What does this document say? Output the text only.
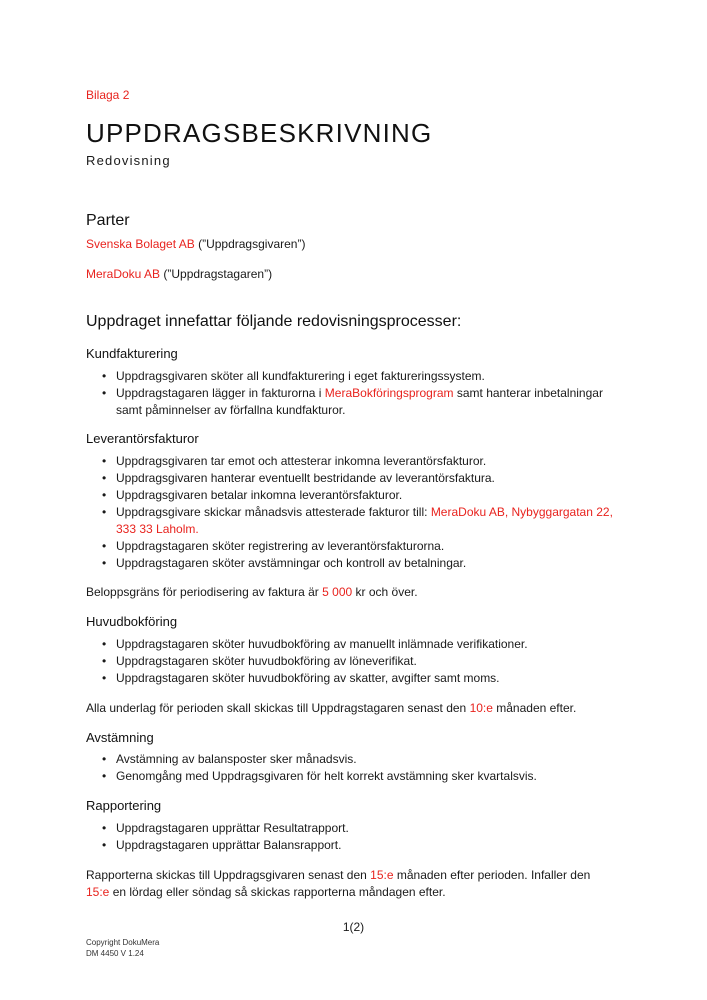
Bilaga 2
UPPDRAGSBESKRIVNING
Redovisning
Parter
Svenska Bolaget AB (”Uppdragsgivaren”)
MeraDoku AB (”Uppdragstagaren”)
Uppdraget innefattar följande redovisningsprocesser:
Kundfakturering
• Uppdragsgivaren sköter all kundfakturering i eget faktureringssystem.
• Uppdragstagaren lägger in fakturorna i MeraBokföringsprogram samt hanterar inbetalningar samt påminnelser av förfallna kundfakturor.
Leverantörsfakturor
• Uppdragsgivaren tar emot och attesterar inkomna leverantörsfakturor.
• Uppdragsgivaren hanterar eventuellt bestridande av leverantörsfaktura.
• Uppdragsgivaren betalar inkomna leverantörsfakturor.
• Uppdragsgivare skickar månadsvis attesterade fakturor till: MeraDoku AB, Nybyggargatan 22, 333 33 Laholm.
• Uppdragstagaren sköter registrering av leverantörsfakturorna.
• Uppdragstagaren sköter avstämningar och kontroll av betalningar.
Beloppsgräns för periodisering av faktura är 5 000 kr och över.
Huvudbokföring
• Uppdragstagaren sköter huvudbokföring av manuellt inlämnade verifikationer.
• Uppdragstagaren sköter huvudbokföring av löneverifikat.
• Uppdragstagaren sköter huvudbokföring av skatter, avgifter samt moms.
Alla underlag för perioden skall skickas till Uppdragstagaren senast den 10:e månaden efter.
Avstämning
• Avstämning av balansposter sker månadsvis.
• Genomgång med Uppdragsgivaren för helt korrekt avstämning sker kvartalsvis.
Rapportering
• Uppdragstagaren upprättar Resultatrapport.
• Uppdragstagaren upprättar Balansrapport.
Rapporterna skickas till Uppdragsgivaren senast den 15:e månaden efter perioden. Infaller den 15:e en lördag eller söndag så skickas rapporterna måndagen efter.
1(2)
Copyright DokuMera
DM 4450 V 1.24
